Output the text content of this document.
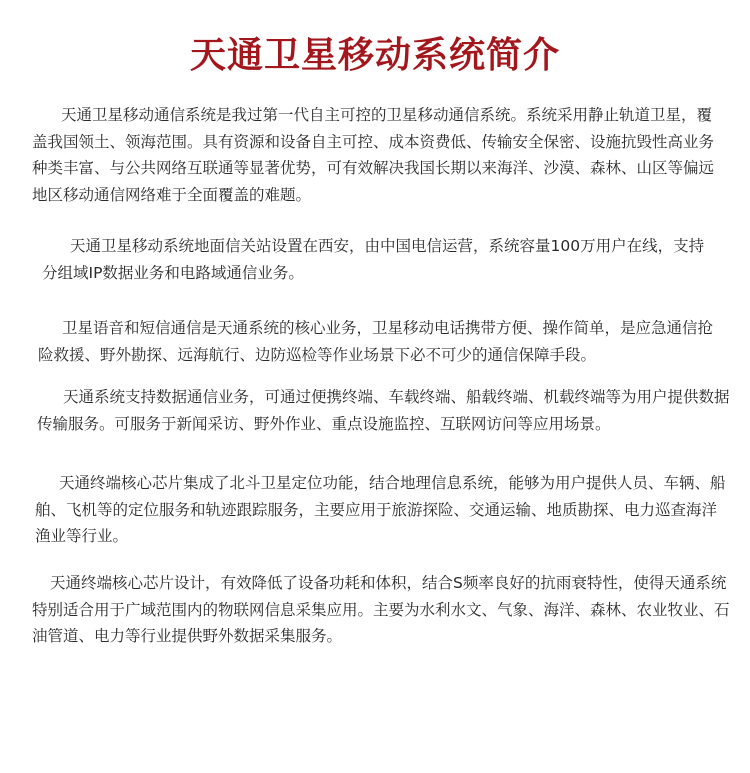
天通卫星移动系统简介

天通卫星移动通信系统是我过第一代自主可控的卫星移动通信系统。系统采用静止轨道卫星，覆盖我国领土、领海范围。具有资源和设备自主可控、成本资费低、传输安全保密、设施抗毁性高业务种类丰富、与公共网络互联通等显著优势，可有效解决我国长期以来海洋、沙漠、森林、山区等偏远地区移动通信网络难于全面覆盖的难题。

天通卫星移动系统地面信关站设置在西安，由中国电信运营，系统容量100万用户在线，支持分组域IP数据业务和电路域通信业务。

卫星语音和短信通信是天通系统的核心业务，卫星移动电话携带方便、操作简单，是应急通信抢险救援、野外勘探、远海航行、边防巡检等作业场景下必不可少的通信保障手段。

天通系统支持数据通信业务，可通过便携终端、车载终端、船载终端、机载终端等为用户提供数据传输服务。可服务于新闻采访、野外作业、重点设施监控、互联网访问等应用场景。

天通终端核心芯片集成了北斗卫星定位功能，结合地理信息系统，能够为用户提供人员、车辆、船舶、飞机等的定位服务和轨迹跟踪服务，主要应用于旅游探险、交通运输、地质勘探、电力巡查海洋渔业等行业。

天通终端核心芯片设计，有效降低了设备功耗和体积，结合S频率良好的抗雨衰特性，使得天通系统特别适合用于广域范围内的物联网信息采集应用。主要为水利水文、气象、海洋、森林、农业牧业、石油管道、电力等行业提供野外数据采集服务。
